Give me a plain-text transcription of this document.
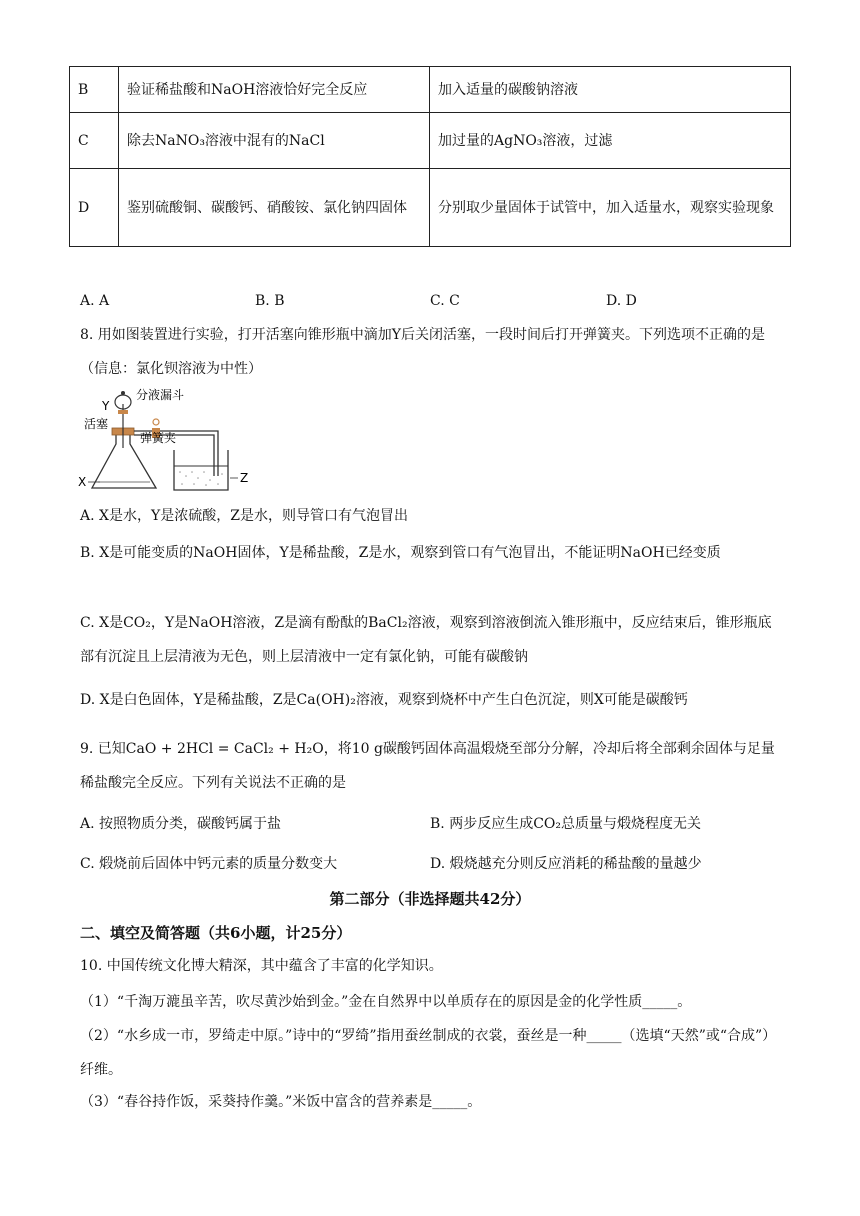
B	验证稀盐酸和NaOH溶液恰好完全反应	加入适量的碳酸钠溶液
C	除去NaNO₃溶液中混有的NaCl	加过量的AgNO₃溶液，过滤
D	鉴别硫酸铜、碳酸钙、硝酸铵、氯化钠四固体	分别取少量固体于试管中，加入适量水，观察实验现象
A. A	B. B	C. C	D. D
8. 用如图装置进行实验，打开活塞向锥形瓶中滴加Y后关闭活塞，一段时间后打开弹簧夹。下列选项不正确的是（信息：氯化钡溶液为中性）
分液漏斗
Y
活塞
弹簧夹
X	Z
A. X是水，Y是浓硫酸，Z是水，则导管口有气泡冒出
B. X是可能变质的NaOH固体，Y是稀盐酸，Z是水，观察到管口有气泡冒出，不能证明NaOH已经变质
C. X是CO₂，Y是NaOH溶液，Z是滴有酚酞的BaCl₂溶液，观察到溶液倒流入锥形瓶中，反应结束后，锥形瓶底部有沉淀且上层清液为无色，则上层清液中一定有氯化钠，可能有碳酸钠
D. X是白色固体，Y是稀盐酸，Z是Ca(OH)₂溶液，观察到烧杯中产生白色沉淀，则X可能是碳酸钙
9. 已知CaO + 2HCl = CaCl₂ + H₂O，将10 g碳酸钙固体高温煅烧至部分分解，冷却后将全部剩余固体与足量稀盐酸完全反应。下列有关说法不正确的是
A. 按照物质分类，碳酸钙属于盐	B. 两步反应生成CO₂总质量与煅烧程度无关
C. 煅烧前后固体中钙元素的质量分数变大	D. 煅烧越充分则反应消耗的稀盐酸的量越少
第二部分（非选择题共42分）
二、填空及简答题（共6小题，计25分）
10. 中国传统文化博大精深，其中蕴含了丰富的化学知识。
（1）“千淘万漉虽辛苦，吹尽黄沙始到金。”金在自然界中以单质存在的原因是金的化学性质_____。
（2）“水乡成一市，罗绮走中原。”诗中的“罗绮”指用蚕丝制成的衣裳，蚕丝是一种_____（选填“天然”或“合成”）纤维。
（3）“春谷持作饭，采葵持作羹。”米饭中富含的营养素是_____。
